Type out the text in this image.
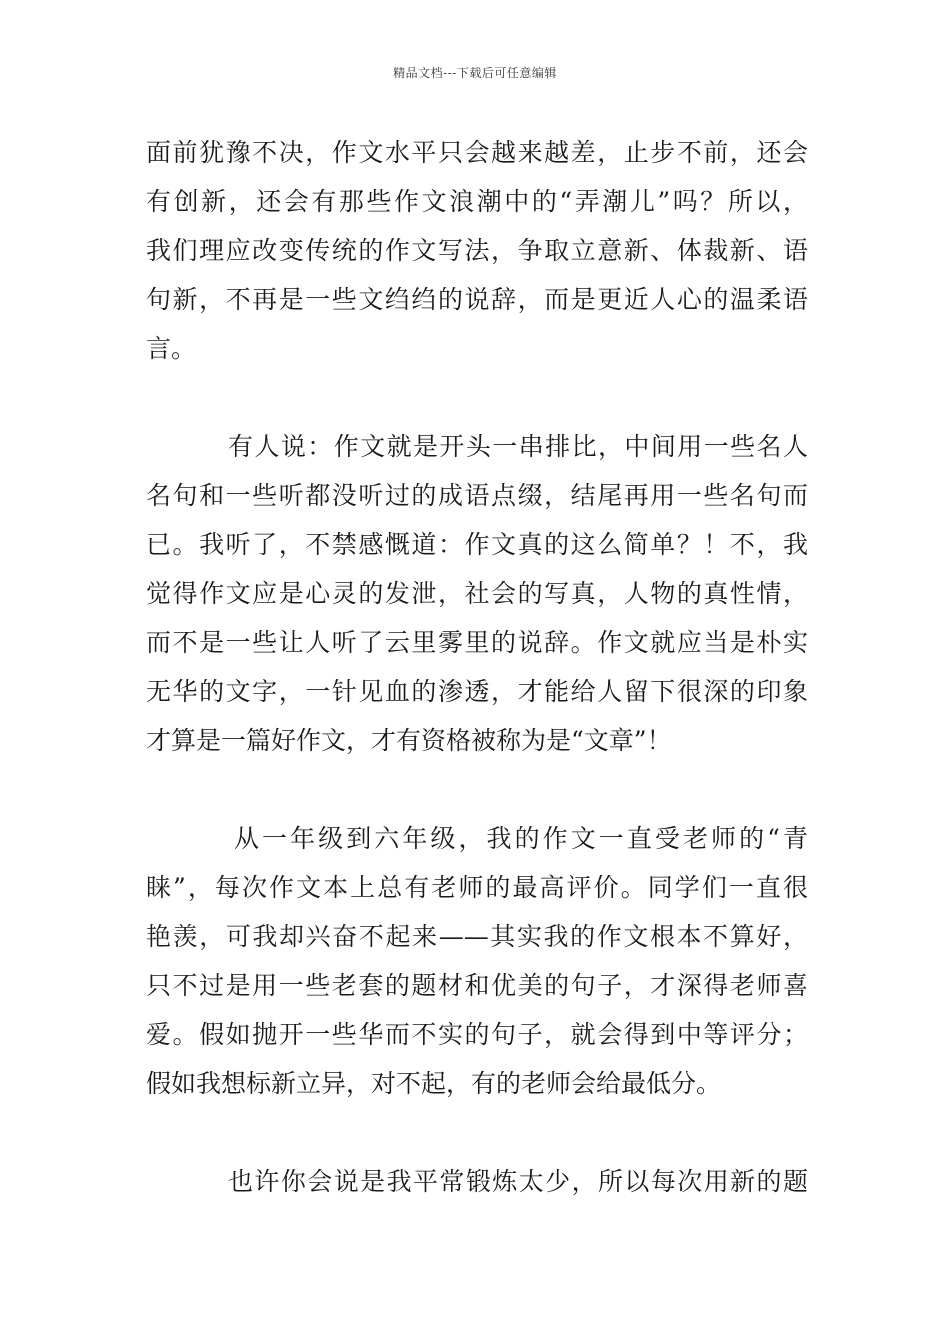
精品文档---下载后可任意编辑
面前犹豫不决，作文水平只会越来越差，止步不前，还会
有创新，还会有那些作文浪潮中的“弄潮儿”吗？所以，
我们理应改变传统的作文写法，争取立意新、体裁新、语
句新，不再是一些文绉绉的说辞，而是更近人心的温柔语
言。
有人说：作文就是开头一串排比，中间用一些名人
名句和一些听都没听过的成语点缀，结尾再用一些名句而
已。我听了，不禁感慨道：作文真的这么简单？！不，我
觉得作文应是心灵的发泄，社会的写真，人物的真性情，
而不是一些让人听了云里雾里的说辞。作文就应当是朴实
无华的文字，一针见血的渗透，才能给人留下很深的印象
才算是一篇好作文，才有资格被称为是“文章”！
从一年级到六年级，我的作文一直受老师的“青
睐”，每次作文本上总有老师的最高评价。同学们一直很
艳羡，可我却兴奋不起来——其实我的作文根本不算好，
只不过是用一些老套的题材和优美的句子，才深得老师喜
爱。假如抛开一些华而不实的句子，就会得到中等评分；
假如我想标新立异，对不起，有的老师会给最低分。
也许你会说是我平常锻炼太少，所以每次用新的题
